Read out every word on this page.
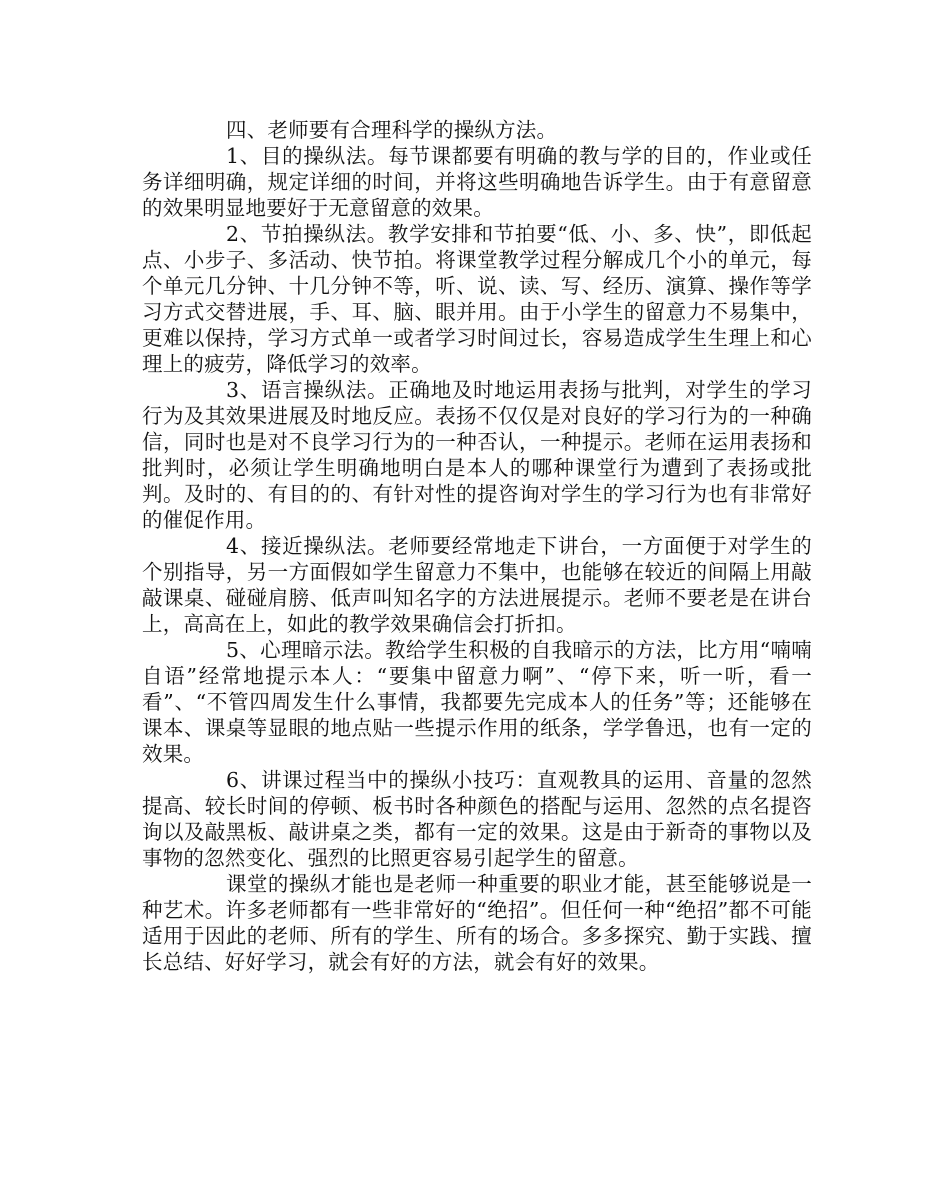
四、老师要有合理科学的操纵方法。

1、目的操纵法。每节课都要有明确的教与学的目的，作业或任务详细明确，规定详细的时间，并将这些明确地告诉学生。由于有意留意的效果明显地要好于无意留意的效果。

2、节拍操纵法。教学安排和节拍要“低、小、多、快”，即低起点、小步子、多活动、快节拍。将课堂教学过程分解成几个小的单元，每个单元几分钟、十几分钟不等，听、说、读、写、经历、演算、操作等学习方式交替进展，手、耳、脑、眼并用。由于小学生的留意力不易集中，更难以保持，学习方式单一或者学习时间过长，容易造成学生生理上和心理上的疲劳，降低学习的效率。

3、语言操纵法。正确地及时地运用表扬与批判，对学生的学习行为及其效果进展及时地反应。表扬不仅仅是对良好的学习行为的一种确信，同时也是对不良学习行为的一种否认，一种提示。老师在运用表扬和批判时，必须让学生明确地明白是本人的哪种课堂行为遭到了表扬或批判。及时的、有目的的、有针对性的提咨询对学生的学习行为也有非常好的催促作用。

4、接近操纵法。老师要经常地走下讲台，一方面便于对学生的个别指导，另一方面假如学生留意力不集中，也能够在较近的间隔上用敲敲课桌、碰碰肩膀、低声叫知名字的方法进展提示。老师不要老是在讲台上，高高在上，如此的教学效果确信会打折扣。

5、心理暗示法。教给学生积极的自我暗示的方法，比方用“喃喃自语”经常地提示本人：“要集中留意力啊”、“停下来，听一听，看一看”、“不管四周发生什么事情，我都要先完成本人的任务”等；还能够在课本、课桌等显眼的地点贴一些提示作用的纸条，学学鲁迅，也有一定的效果。

6、讲课过程当中的操纵小技巧：直观教具的运用、音量的忽然提高、较长时间的停顿、板书时各种颜色的搭配与运用、忽然的点名提咨询以及敲黑板、敲讲桌之类，都有一定的效果。这是由于新奇的事物以及事物的忽然变化、强烈的比照更容易引起学生的留意。

课堂的操纵才能也是老师一种重要的职业才能，甚至能够说是一种艺术。许多老师都有一些非常好的“绝招”。但任何一种“绝招”都不可能适用于因此的老师、所有的学生、所有的场合。多多探究、勤于实践、擅长总结、好好学习，就会有好的方法，就会有好的效果。
